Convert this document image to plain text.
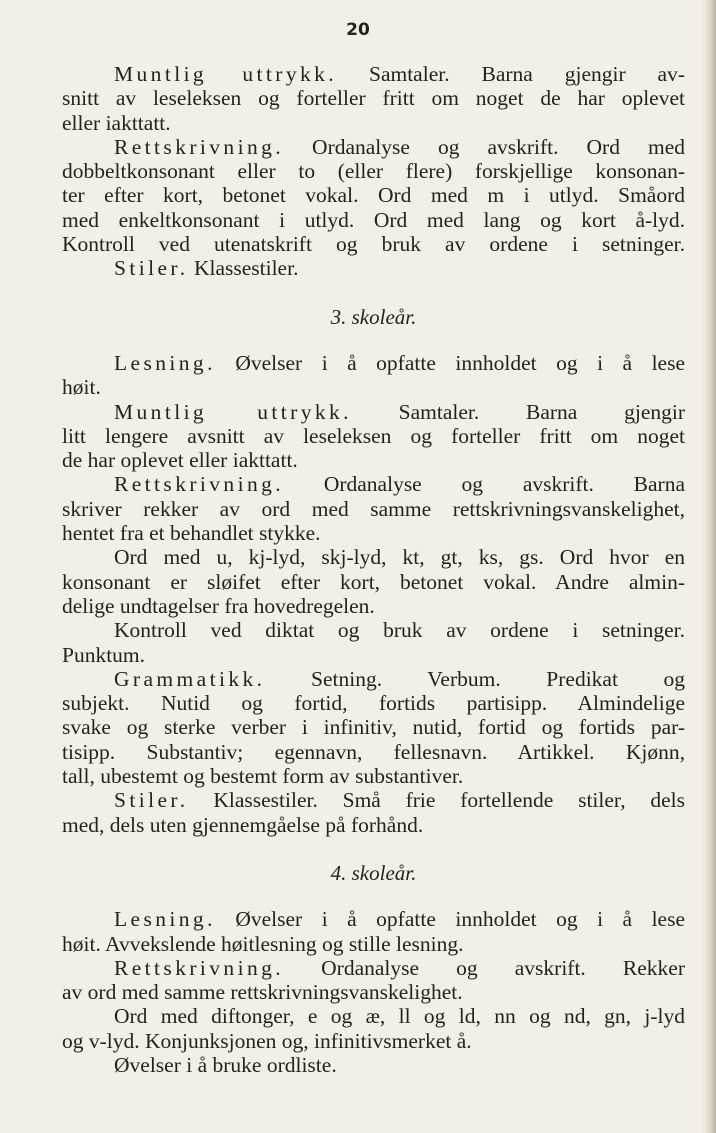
20
Muntlig uttrykk. Samtaler. Barna gjengir av-
snitt av leseleksen og forteller fritt om noget de har oplevet
eller iakttatt.
Rettskrivning. Ordanalyse og avskrift. Ord med
dobbeltkonsonant eller to (eller flere) forskjellige konsonan-
ter efter kort, betonet vokal. Ord med m i utlyd. Småord
med enkeltkonsonant i utlyd. Ord med lang og kort å-lyd.
Kontroll ved utenatskrift og bruk av ordene i setninger.
Stiler. Klassestiler.
3. skoleår.
Lesning. Øvelser i å opfatte innholdet og i å lese
høit.
Muntlig uttrykk. Samtaler. Barna gjengir
litt lengere avsnitt av leseleksen og forteller fritt om noget
de har oplevet eller iakttatt.
Rettskrivning. Ordanalyse og avskrift. Barna
skriver rekker av ord med samme rettskrivningsvanskelighet,
hentet fra et behandlet stykke.
Ord med u, kj-lyd, skj-lyd, kt, gt, ks, gs. Ord hvor en
konsonant er sløifet efter kort, betonet vokal. Andre almin-
delige undtagelser fra hovedregelen.
Kontroll ved diktat og bruk av ordene i setninger.
Punktum.
Grammatikk. Setning. Verbum. Predikat og
subjekt. Nutid og fortid, fortids partisipp. Almindelige
svake og sterke verber i infinitiv, nutid, fortid og fortids par-
tisipp. Substantiv; egennavn, fellesnavn. Artikkel. Kjønn,
tall, ubestemt og bestemt form av substantiver.
Stiler. Klassestiler. Små frie fortellende stiler, dels
med, dels uten gjennemgåelse på forhånd.
4. skoleår.
Lesning. Øvelser i å opfatte innholdet og i å lese
høit. Avvekslende høitlesning og stille lesning.
Rettskrivning. Ordanalyse og avskrift. Rekker
av ord med samme rettskrivningsvanskelighet.
Ord med diftonger, e og æ, ll og ld, nn og nd, gn, j-lyd
og v-lyd. Konjunksjonen og, infinitivsmerket å.
Øvelser i å bruke ordliste.
